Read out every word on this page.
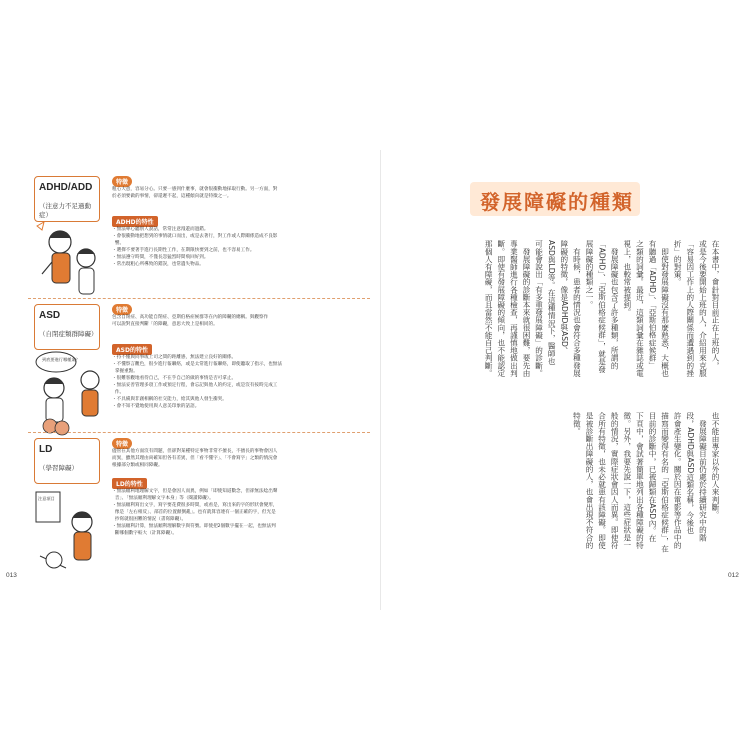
ADHD/ADD
（注意力不足過動症）
特徵
粗心大意，容易分心。只要一感到什麼事，就會很衝動地採取行動。另一方面，對
於必須要做的事情，卻還遲不起，這種傾向就是特徵之一。
ADHD的特性
・無法專心聽別人說話，常常注意漫遊而過錯。
・會很衝動地把想到的事情就口而出，或是去著行，對工作或人際關係造成不良影
響。
・選擇不要著手進行長期性工作，在期限快要到之前，也不容易工作。
・無法遵守時間，不僅長忽猛烈時間飛回好到。
・常出現粗心所導致的錯誤，也常遺失物品。
ASD
（自閉症類群障礙）
特徵
包含自閉症、高功能自閉症、亞斯伯格症候群等在內的障礙的總稱。與觀察作
可以說對直接判斷「的障礙，意思大致上是相同的。
到底要進行哪種業？
ASD的特性
・持不懂與同事或上司之間的距離感，無法建立良好的關係。
・不懂察言觀色，很少進行報聯絡，或是太常進行報聯絡，即使聽取了指示，也無法
掌握重點。
・很難客觀地看待自己，不在乎自己的做的事情是否可拿止。
・無法妥善管理多項工作或預定行程，會忘記與他人的約定，或是沒有按時完成工
作。
・不具備與非創相稱的社交能力，給其與他人發生衝突。
・會不知不覺地使用與人意美印象的話語。
LD
（學習障礙）
特徵
儘管在其他方面沒有問題，但卻對某種特定事物非常不擅長，不擅長的事物會因人
而異，雖然其理由尚確知但各有差異，但「看不懂字」、「不會寫字」之類的情況會
根據部分類或相同障礙。
注意項目
LD的特性
・無法順利地理解文字，但是會因人而異，例如「即使知道數念，但卻無法唸出聲
音」、「無法順利理解文字本身」等（閱讀障礙）。
・無法順利寫出文字，寫字要花費很多時間，或看是，寫出來的字的形狀會變形，
像是「左右相反」、部首的位置顛倒亂」。也有就算容連有一個正確的字，但光是
抄寫就很困難的情況（書寫障礙）。
・無法順利計算，無法順利理解數字與符號。即使把2個數字擺在一起，也無法判
斷哪個數字較大（計算障礙）。
013
發展障礙的種類
在本書中，會針對目前正在上班的人，
或是今後要開始上班的人，介紹用來克服
「容易因工作上的人際關係而遭遇到的挫
折」的對策。
　即使對發展障礙沒有那麼熟悉，大概也
有聽過「ADHD」、「亞斯伯格症候群」
之類的詞彙。最近，這類詞彙在雜誌或電
視上，也較常被提到。
　發展障礙也包含了許多種類，所謂的
「ADHD」、「亞斯伯格症候群」，就是發
展障礙的種類之一。
　有時候，患者的情況也會符合多種發展
障礙的特徵，像是ADHD與ASD、
ASD與LD等。在這種情況下，醫師也
可能會說出「有多重發展障礙」的診斷。
　發展障礙的診斷本來就很困難，要先由
專業醫師進行各種檢查，再謹慎地做出判
斷。即使有發展障礙的傾向，也不能認定
那個人有障礙，而且當然不能自己判斷。
也不能由專家以外的人來判斷。
　發展障礙目前仍處於持續研究中的階
段，ADHD與ASD這類名稱，今後也
許會產生變化。關於因在電影等作品中的
描寫而變得有名的「亞斯伯格症候群」，在
目前的診斷中，已被歸類在ASD內。在
下頁中，會試著簡單地列出各種障礙的特
徵。另外，我要先說一下，這些症狀是一
般的情況，實際症狀會因人而異。即使符
合所有特徵，也未必就患有該障礙。即使
是被診斷出障礙的人，也會出現不符合的
特徵。
012
